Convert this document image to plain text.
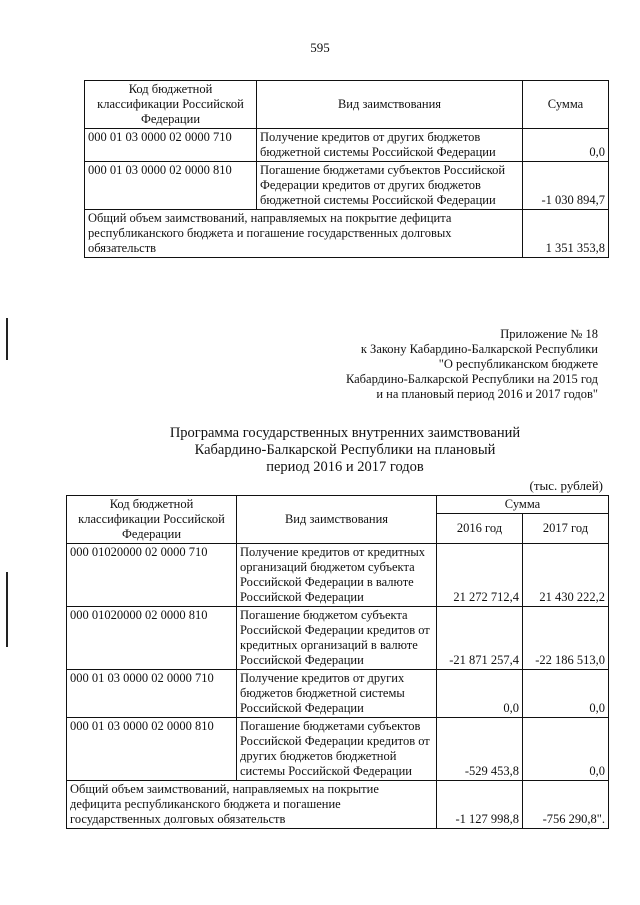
595
Код бюджетной классификации Российской Федерации	Вид заимствования	Сумма
000 01 03 0000 02 0000 710	Получение кредитов от других бюджетов бюджетной системы Российской Федерации	0,0
000 01 03 0000 02 0000 810	Погашение бюджетами субъектов Российской Федерации кредитов от других бюджетов бюджетной системы Российской Федерации	-1 030 894,7
Общий объем заимствований, направляемых на покрытие дефицита республиканского бюджета и погашение государственных долговых обязательств		1 351 353,8
Приложение № 18
к Закону Кабардино-Балкарской Республики
"О республиканском бюджете
Кабардино-Балкарской Республики на 2015 год
и на плановый период 2016 и 2017 годов"
Программа государственных внутренних заимствований
Кабардино-Балкарской Республики на плановый
период 2016 и 2017 годов
(тыс. рублей)
Код бюджетной классификации Российской Федерации	Вид заимствования	Сумма	
		2016 год	2017 год
000 01020000 02 0000 710	Получение кредитов от кредитных организаций бюджетом субъекта Российской Федерации в валюте Российской Федерации	21 272 712,4	21 430 222,2
000 01020000 02 0000 810	Погашение бюджетом субъекта Российской Федерации кредитов от кредитных организаций в валюте Российской Федерации	-21 871 257,4	-22 186 513,0
000 01 03 0000 02 0000 710	Получение кредитов от других бюджетов бюджетной системы Российской Федерации	0,0	0,0
000 01 03 0000 02 0000 810	Погашение бюджетами субъектов Российской Федерации кредитов от других бюджетов бюджетной системы Российской Федерации	-529 453,8	0,0
Общий объем заимствований, направляемых на покрытие дефицита республиканского бюджета и погашение государственных долговых обязательств		-1 127 998,8	-756 290,8".
